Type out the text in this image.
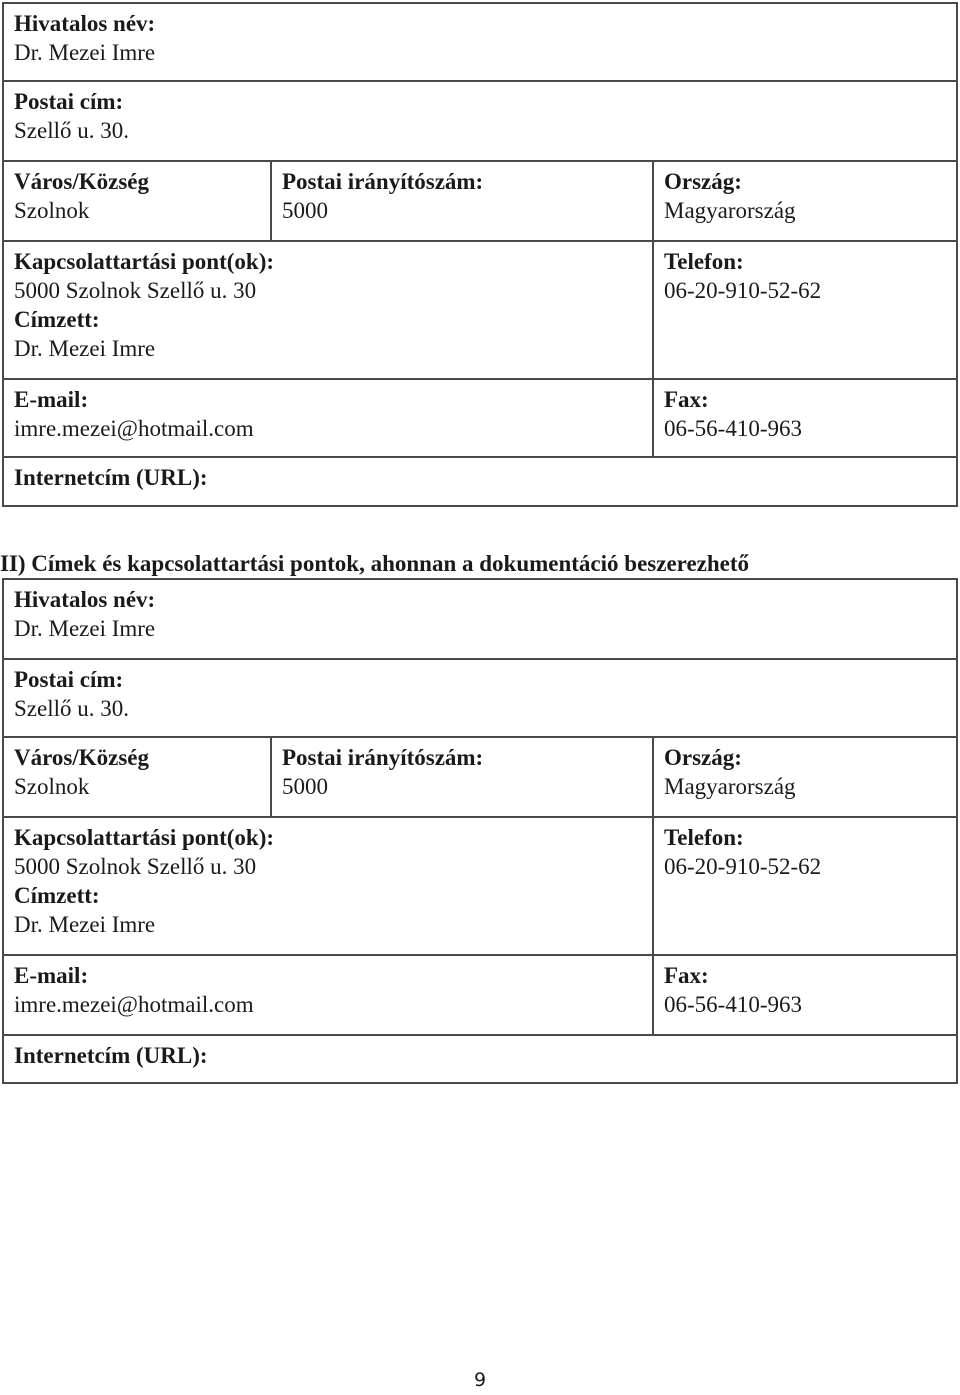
Hivatalos név:
Dr. Mezei Imre
Postai cím:
Szellő u. 30.
Város/Község
Szolnok
Postai irányítószám:
5000
Ország:
Magyarország
Kapcsolattartási pont(ok):
5000 Szolnok Szellő u. 30
Címzett:
Dr. Mezei Imre
Telefon:
06-20-910-52-62
E-mail:
imre.mezei@hotmail.com
Fax:
06-56-410-963
Internetcím (URL):
II) Címek és kapcsolattartási pontok, ahonnan a dokumentáció beszerezhető
Hivatalos név:
Dr. Mezei Imre
Postai cím:
Szellő u. 30.
Város/Község
Szolnok
Postai irányítószám:
5000
Ország:
Magyarország
Kapcsolattartási pont(ok):
5000 Szolnok Szellő u. 30
Címzett:
Dr. Mezei Imre
Telefon:
06-20-910-52-62
E-mail:
imre.mezei@hotmail.com
Fax:
06-56-410-963
Internetcím (URL):
9
